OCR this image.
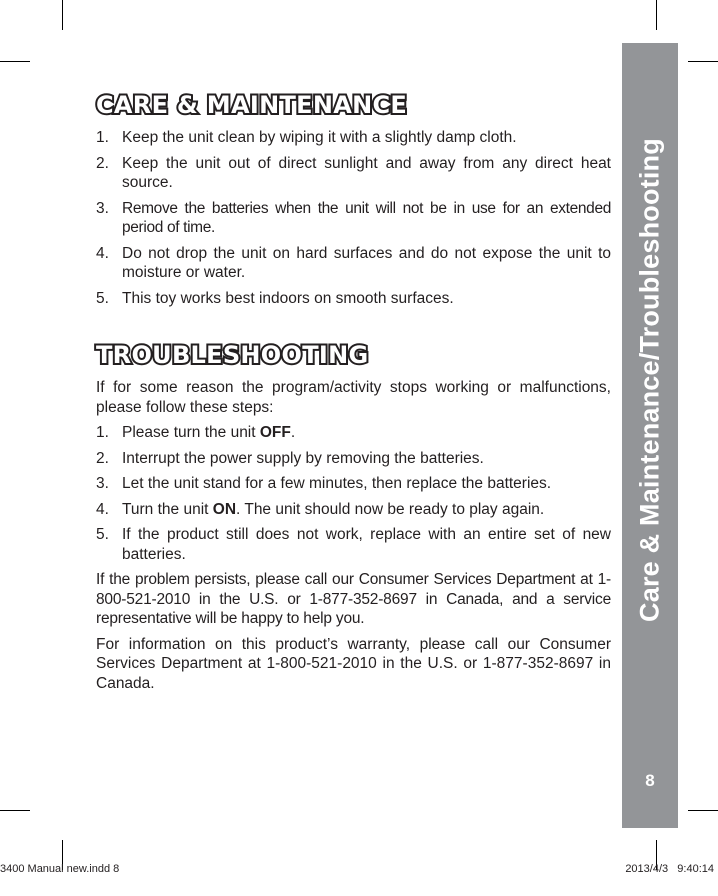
Care & Maintenance/Troubleshooting
8
CARE & MAINTENANCE
1. Keep the unit clean by wiping it with a slightly damp cloth.
2. Keep the unit out of direct sunlight and away from any direct heat source.
3. Remove the batteries when the unit will not be in use for an extended period of time.
4. Do not drop the unit on hard surfaces and do not expose the unit to moisture or water.
5. This toy works best indoors on smooth surfaces.
TROUBLESHOOTING

If for some reason the program/activity stops working or malfunctions, please follow these steps:

1. Please turn the unit OFF.
2. Interrupt the power supply by removing the batteries.
3. Let the unit stand for a few minutes, then replace the batteries.
4. Turn the unit ON. The unit should now be ready to play again.
5. If the product still does not work, replace with an entire set of new batteries.

If the problem persists, please call our Consumer Services Department at 1-800-521-2010 in the U.S. or 1-877-352-8697 in Canada, and a service representative will be happy to help you.

For information on this product’s warranty, please call our Consumer Services Department at 1-800-521-2010 in the U.S. or 1-877-352-8697 in Canada.

3400 Manual new.indd 8	2013/4/3   9:40:14
